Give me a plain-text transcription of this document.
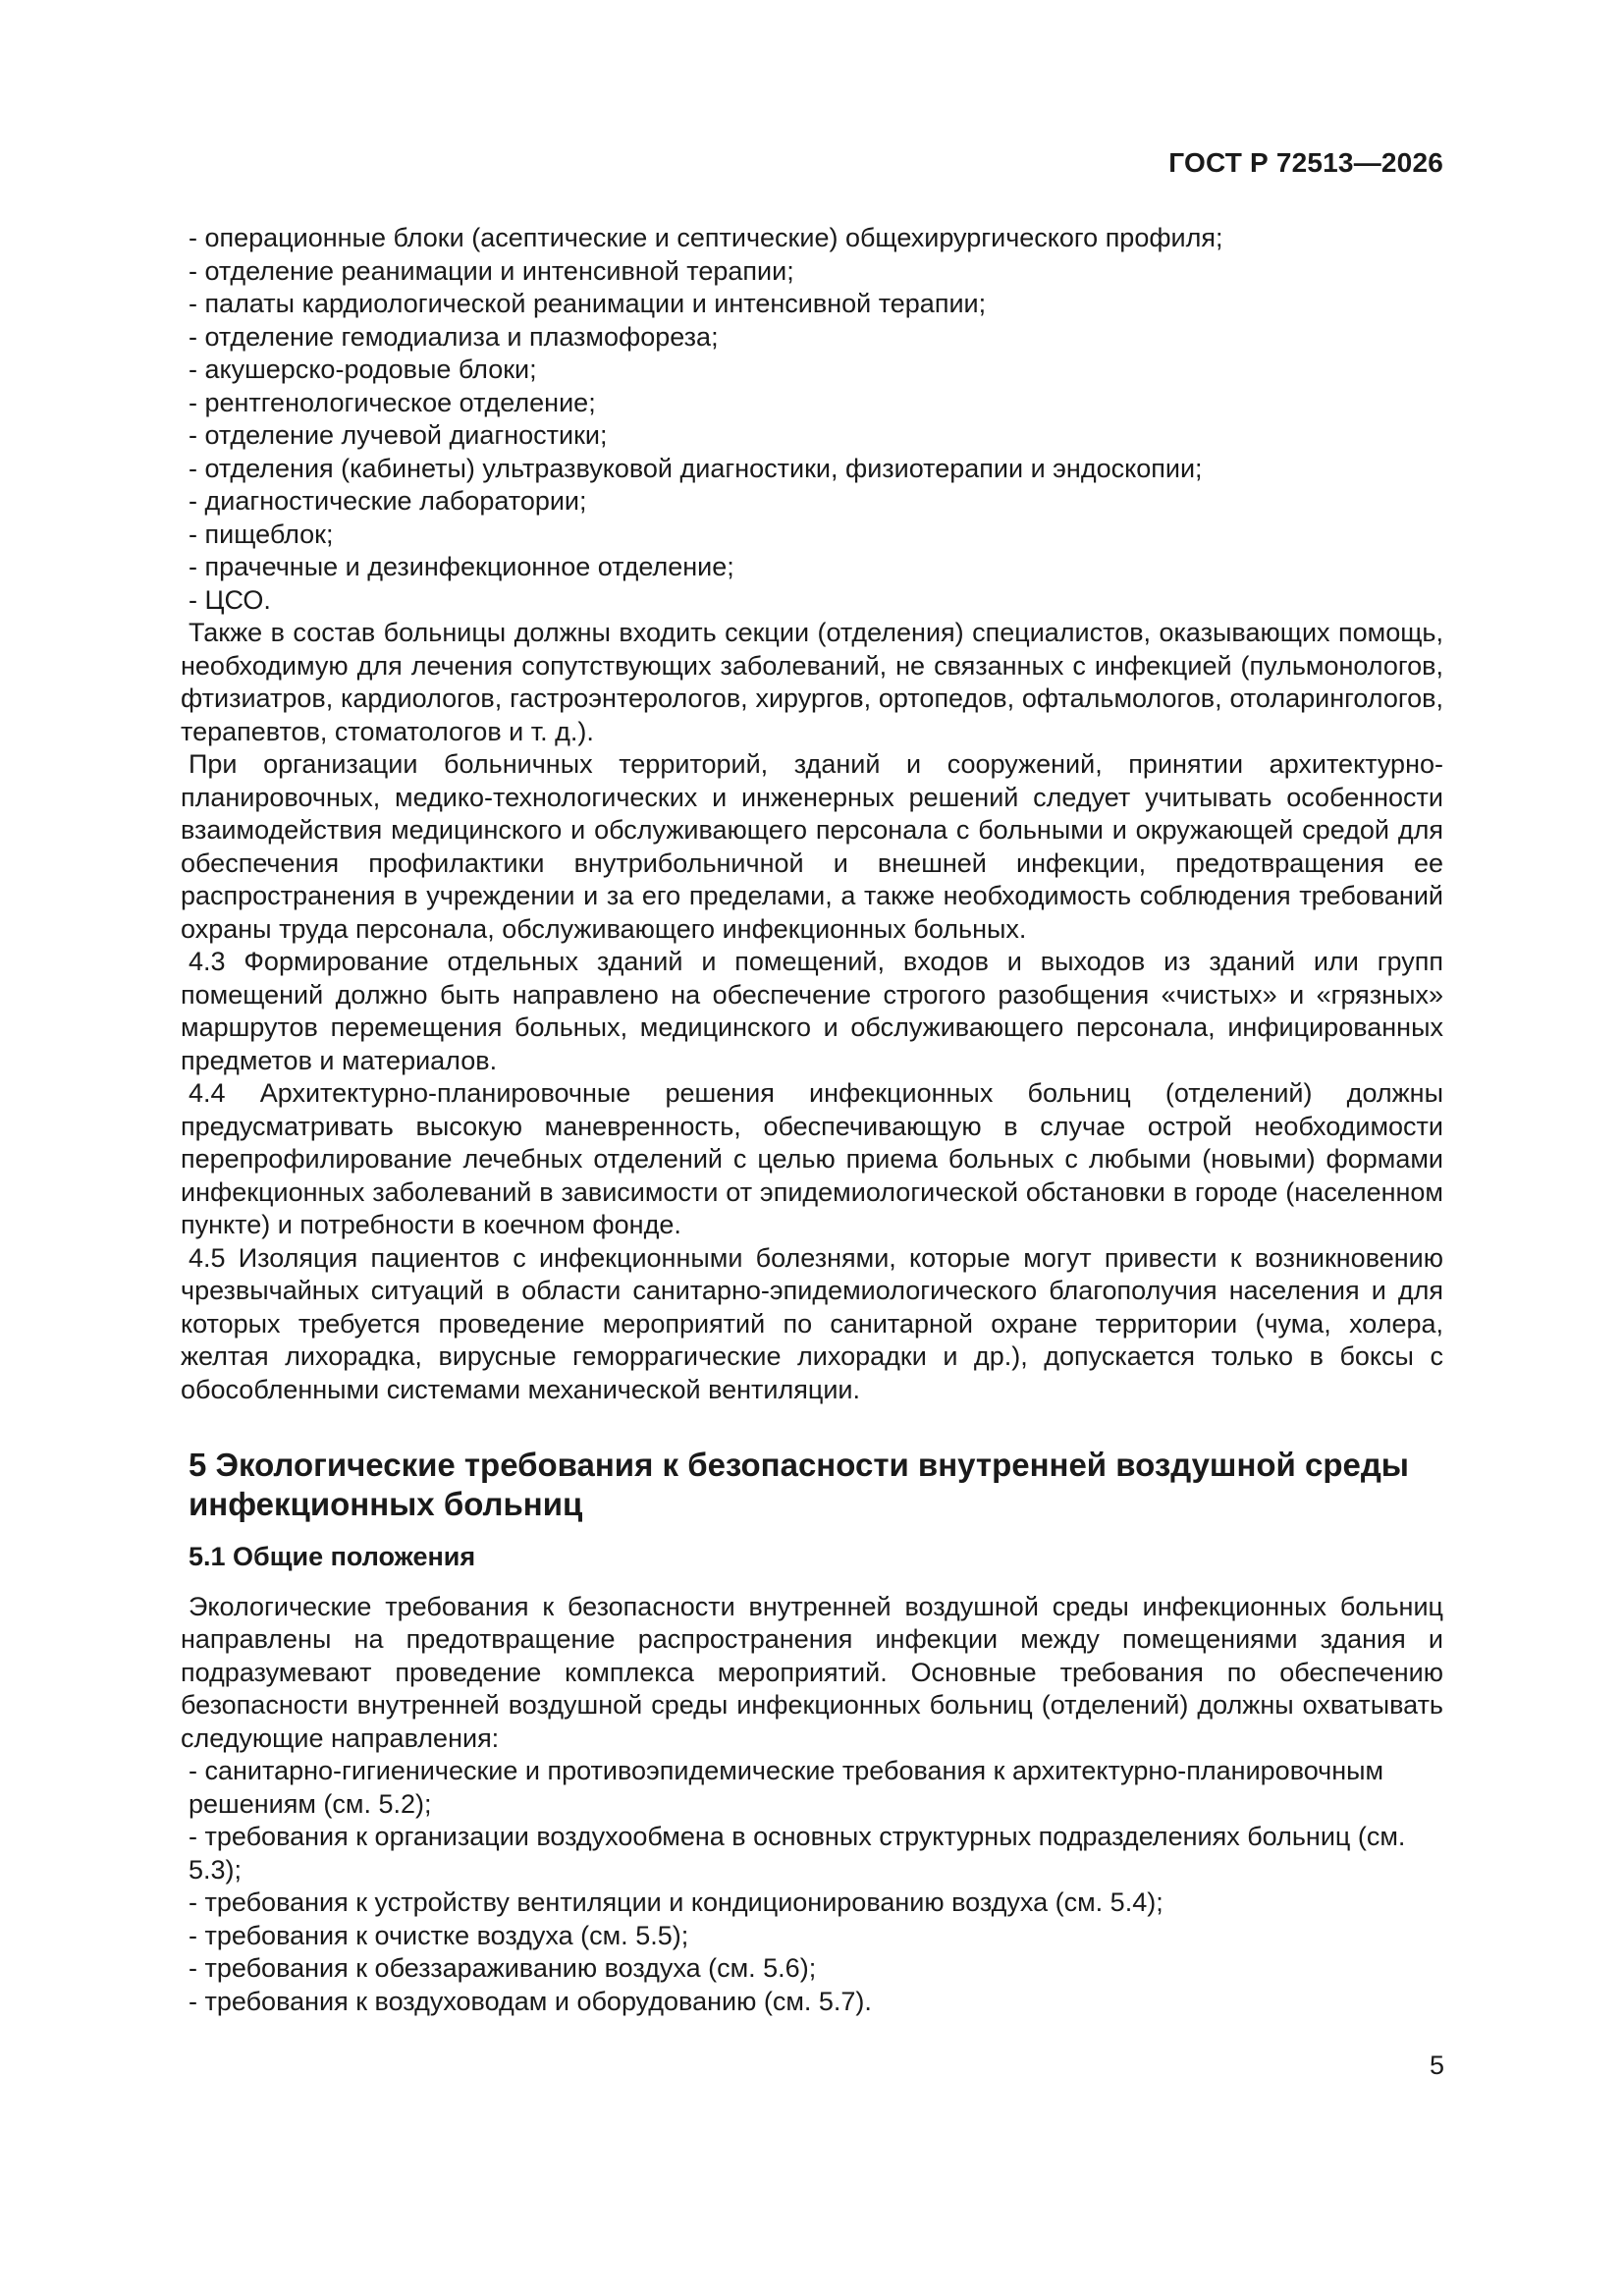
ГОСТ Р 72513—2026
- операционные блоки (асептические и септические) общехирургического профиля;
- отделение реанимации и интенсивной терапии;
- палаты кардиологической реанимации и интенсивной терапии;
- отделение гемодиализа и плазмофореза;
- акушерско-родовые блоки;
- рентгенологическое отделение;
- отделение лучевой диагностики;
- отделения (кабинеты) ультразвуковой диагностики, физиотерапии и эндоскопии;
- диагностические лаборатории;
- пищеблок;
- прачечные и дезинфекционное отделение;
- ЦСО.

Также в состав больницы должны входить секции (отделения) специалистов, оказывающих помощь, необходимую для лечения сопутствующих заболеваний, не связанных с инфекцией (пульмонологов, фтизиатров, кардиологов, гастроэнтерологов, хирургов, ортопедов, офтальмологов, отоларингологов, терапевтов, стоматологов и т. д.).

При организации больничных территорий, зданий и сооружений, принятии архитектурно-планировочных, медико-технологических и инженерных решений следует учитывать особенности взаимодействия медицинского и обслуживающего персонала с больными и окружающей средой для обеспечения профилактики внутрибольничной и внешней инфекции, предотвращения ее распространения в учреждении и за его пределами, а также необходимость соблюдения требований охраны труда персонала, обслуживающего инфекционных больных.

4.3 Формирование отдельных зданий и помещений, входов и выходов из зданий или групп помещений должно быть направлено на обеспечение строгого разобщения «чистых» и «грязных» маршрутов перемещения больных, медицинского и обслуживающего персонала, инфицированных предметов и материалов.

4.4 Архитектурно-планировочные решения инфекционных больниц (отделений) должны предусматривать высокую маневренность, обеспечивающую в случае острой необходимости перепрофилирование лечебных отделений с целью приема больных с любыми (новыми) формами инфекционных заболеваний в зависимости от эпидемиологической обстановки в городе (населенном пункте) и потребности в коечном фонде.

4.5 Изоляция пациентов с инфекционными болезнями, которые могут привести к возникновению чрезвычайных ситуаций в области санитарно-эпидемиологического благополучия населения и для которых требуется проведение мероприятий по санитарной охране территории (чума, холера, желтая лихорадка, вирусные геморрагические лихорадки и др.), допускается только в боксы с обособленными системами механической вентиляции.

5 Экологические требования к безопасности внутренней воздушной среды
инфекционных больниц
5.1 Общие положения

Экологические требования к безопасности внутренней воздушной среды инфекционных больниц направлены на предотвращение распространения инфекции между помещениями здания и подразумевают проведение комплекса мероприятий. Основные требования по обеспечению безопасности внутренней воздушной среды инфекционных больниц (отделений) должны охватывать следующие направления:

- санитарно-гигиенические и противоэпидемические требования к архитектурно-планировочным решениям (см. 5.2);
- требования к организации воздухообмена в основных структурных подразделениях больниц (см. 5.3);
- требования к устройству вентиляции и кондиционированию воздуха (см. 5.4);
- требования к очистке воздуха (см. 5.5);
- требования к обеззараживанию воздуха (см. 5.6);
- требования к воздуховодам и оборудованию (см. 5.7).
5
